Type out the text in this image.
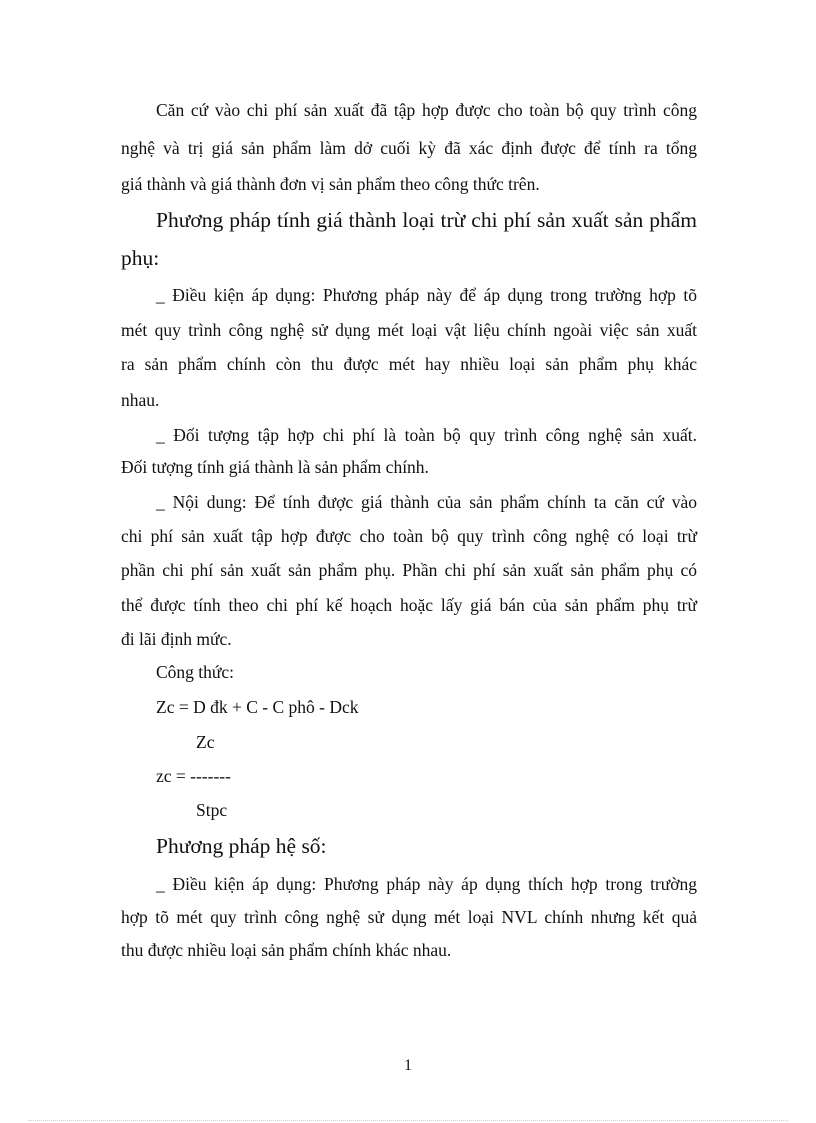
Căn cứ vào chi phí sản xuất đã tập hợp được cho toàn bộ quy trình công
nghệ và trị giá sản phẩm làm dở cuối kỳ đã xác định được để tính ra tổng
giá thành và giá thành đơn vị sản phẩm theo công thức trên.
Phương pháp tính giá thành loại trừ chi phí sản xuất sản phẩm
phụ:
_ Điều kiện áp dụng: Phương pháp này để áp dụng trong trường hợp tõ
mét quy trình công nghệ sử dụng mét loại vật liệu chính ngoài việc sản xuất
ra sản phẩm chính còn thu được mét hay nhiều loại sản phẩm phụ khác
nhau.
_ Đối tượng tập hợp chi phí là toàn bộ quy trình công nghệ sản xuất.
Đối tượng tính giá thành là sản phẩm chính.
_ Nội dung: Để tính được giá thành của sản phẩm chính ta căn cứ vào
chi phí sản xuất tập hợp được cho toàn bộ quy trình công nghệ có loại trừ
phần chi phí sản xuất sản phẩm phụ. Phần chi phí sản xuất sản phẩm phụ có
thể được tính theo chi phí kế hoạch hoặc lấy giá bán của sản phẩm phụ trừ
đi lãi định mức.
Công thức:
Zc = D đk + C - C phô - Dck
Zc
zc = -------
Stpc
Phương pháp hệ số:
_ Điều kiện áp dụng: Phương pháp này áp dụng thích hợp trong trường
hợp tõ mét quy trình công nghệ sử dụng mét loại NVL chính nhưng kết quả
thu được nhiều loại sản phẩm chính khác nhau.
1
